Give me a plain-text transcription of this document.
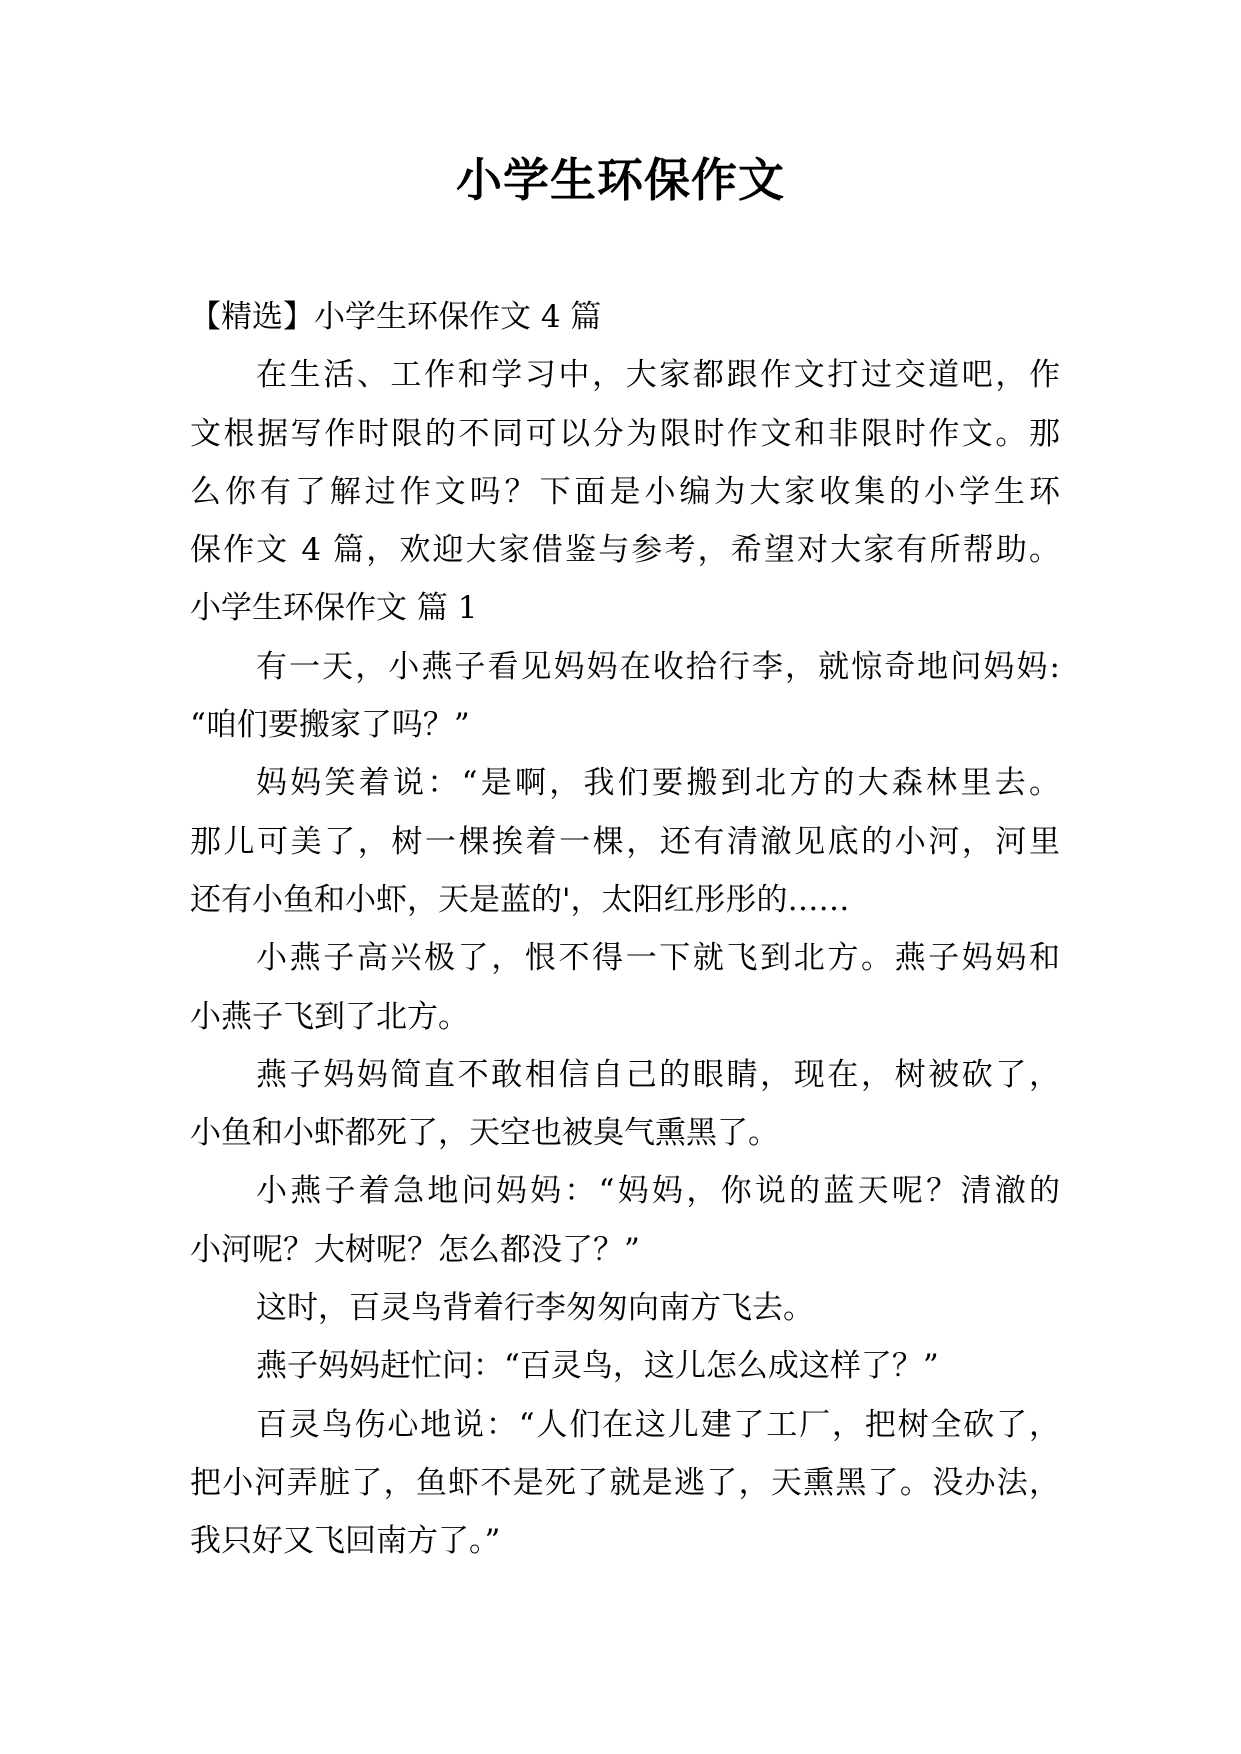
小学生环保作文
【精选】小学生环保作文 4 篇
在生活、工作和学习中，大家都跟作文打过交道吧，作
文根据写作时限的不同可以分为限时作文和非限时作文。那
么你有了解过作文吗？下面是小编为大家收集的小学生环
保作文 4 篇，欢迎大家借鉴与参考，希望对大家有所帮助。
小学生环保作文 篇 1
有一天，小燕子看见妈妈在收拾行李，就惊奇地问妈妈:
“咱们要搬家了吗？”
妈妈笑着说：“是啊，我们要搬到北方的大森林里去。
那儿可美了，树一棵挨着一棵，还有清澈见底的小河，河里
还有小鱼和小虾，天是蓝的'，太阳红彤彤的……
小燕子高兴极了，恨不得一下就飞到北方。燕子妈妈和
小燕子飞到了北方。
燕子妈妈简直不敢相信自己的眼睛，现在，树被砍了，
小鱼和小虾都死了，天空也被臭气熏黑了。
小燕子着急地问妈妈：“妈妈，你说的蓝天呢？清澈的
小河呢？大树呢？怎么都没了？”
这时，百灵鸟背着行李匆匆向南方飞去。
燕子妈妈赶忙问：“百灵鸟，这儿怎么成这样了？”
百灵鸟伤心地说：“人们在这儿建了工厂，把树全砍了，
把小河弄脏了，鱼虾不是死了就是逃了，天熏黑了。没办法，
我只好又飞回南方了。”
